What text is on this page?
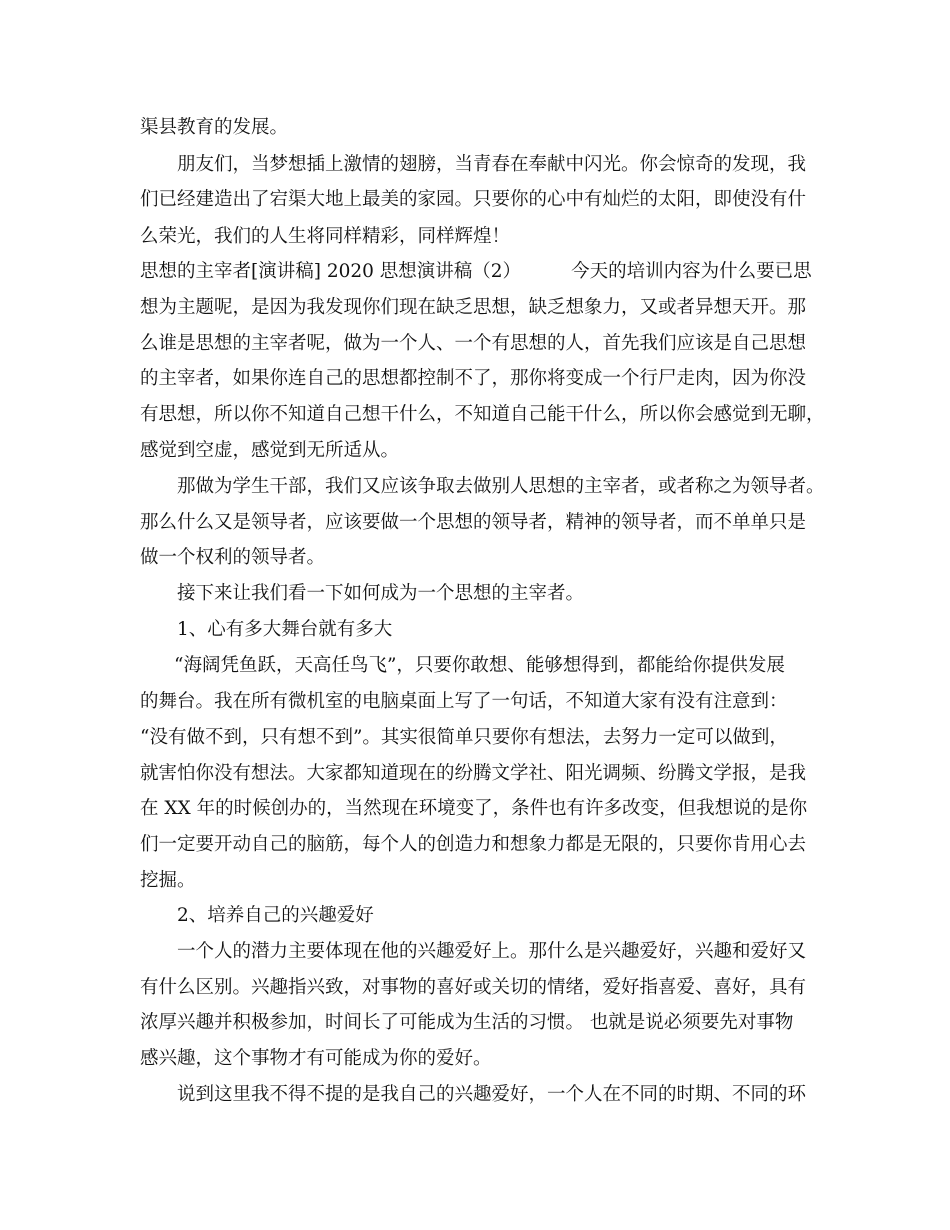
渠县教育的发展。
朋友们，当梦想插上激情的翅膀，当青春在奉献中闪光。你会惊奇的发现，我
们已经建造出了宕渠大地上最美的家园。只要你的心中有灿烂的太阳，即使没有什
么荣光，我们的人生将同样精彩，同样辉煌！
思想的主宰者[演讲稿] 2020 思想演讲稿（2）	今天的培训内容为什么要已思
想为主题呢，是因为我发现你们现在缺乏思想，缺乏想象力，又或者异想天开。那
么谁是思想的主宰者呢，做为一个人、一个有思想的人，首先我们应该是自己思想
的主宰者，如果你连自己的思想都控制不了，那你将变成一个行尸走肉，因为你没
有思想，所以你不知道自己想干什么，不知道自己能干什么，所以你会感觉到无聊，
感觉到空虚，感觉到无所适从。
那做为学生干部，我们又应该争取去做别人思想的主宰者，或者称之为领导者。
那么什么又是领导者，应该要做一个思想的领导者，精神的领导者，而不单单只是
做一个权利的领导者。
接下来让我们看一下如何成为一个思想的主宰者。
1、心有多大舞台就有多大
“海阔凭鱼跃，天高任鸟飞”，只要你敢想、能够想得到，都能给你提供发展
的舞台。我在所有微机室的电脑桌面上写了一句话，不知道大家有没有注意到：
“没有做不到，只有想不到”。其实很简单只要你有想法，去努力一定可以做到，
就害怕你没有想法。大家都知道现在的纷腾文学社、阳光调频、纷腾文学报，是我
在 XX 年的时候创办的，当然现在环境变了，条件也有许多改变，但我想说的是你
们一定要开动自己的脑筋，每个人的创造力和想象力都是无限的，只要你肯用心去
挖掘。
2、培养自己的兴趣爱好
一个人的潜力主要体现在他的兴趣爱好上。那什么是兴趣爱好，兴趣和爱好又
有什么区别。兴趣指兴致，对事物的喜好或关切的情绪，爱好指喜爱、喜好，具有
浓厚兴趣并积极参加，时间长了可能成为生活的习惯。 也就是说必须要先对事物
感兴趣，这个事物才有可能成为你的爱好。
说到这里我不得不提的是我自己的兴趣爱好，一个人在不同的时期、不同的环
